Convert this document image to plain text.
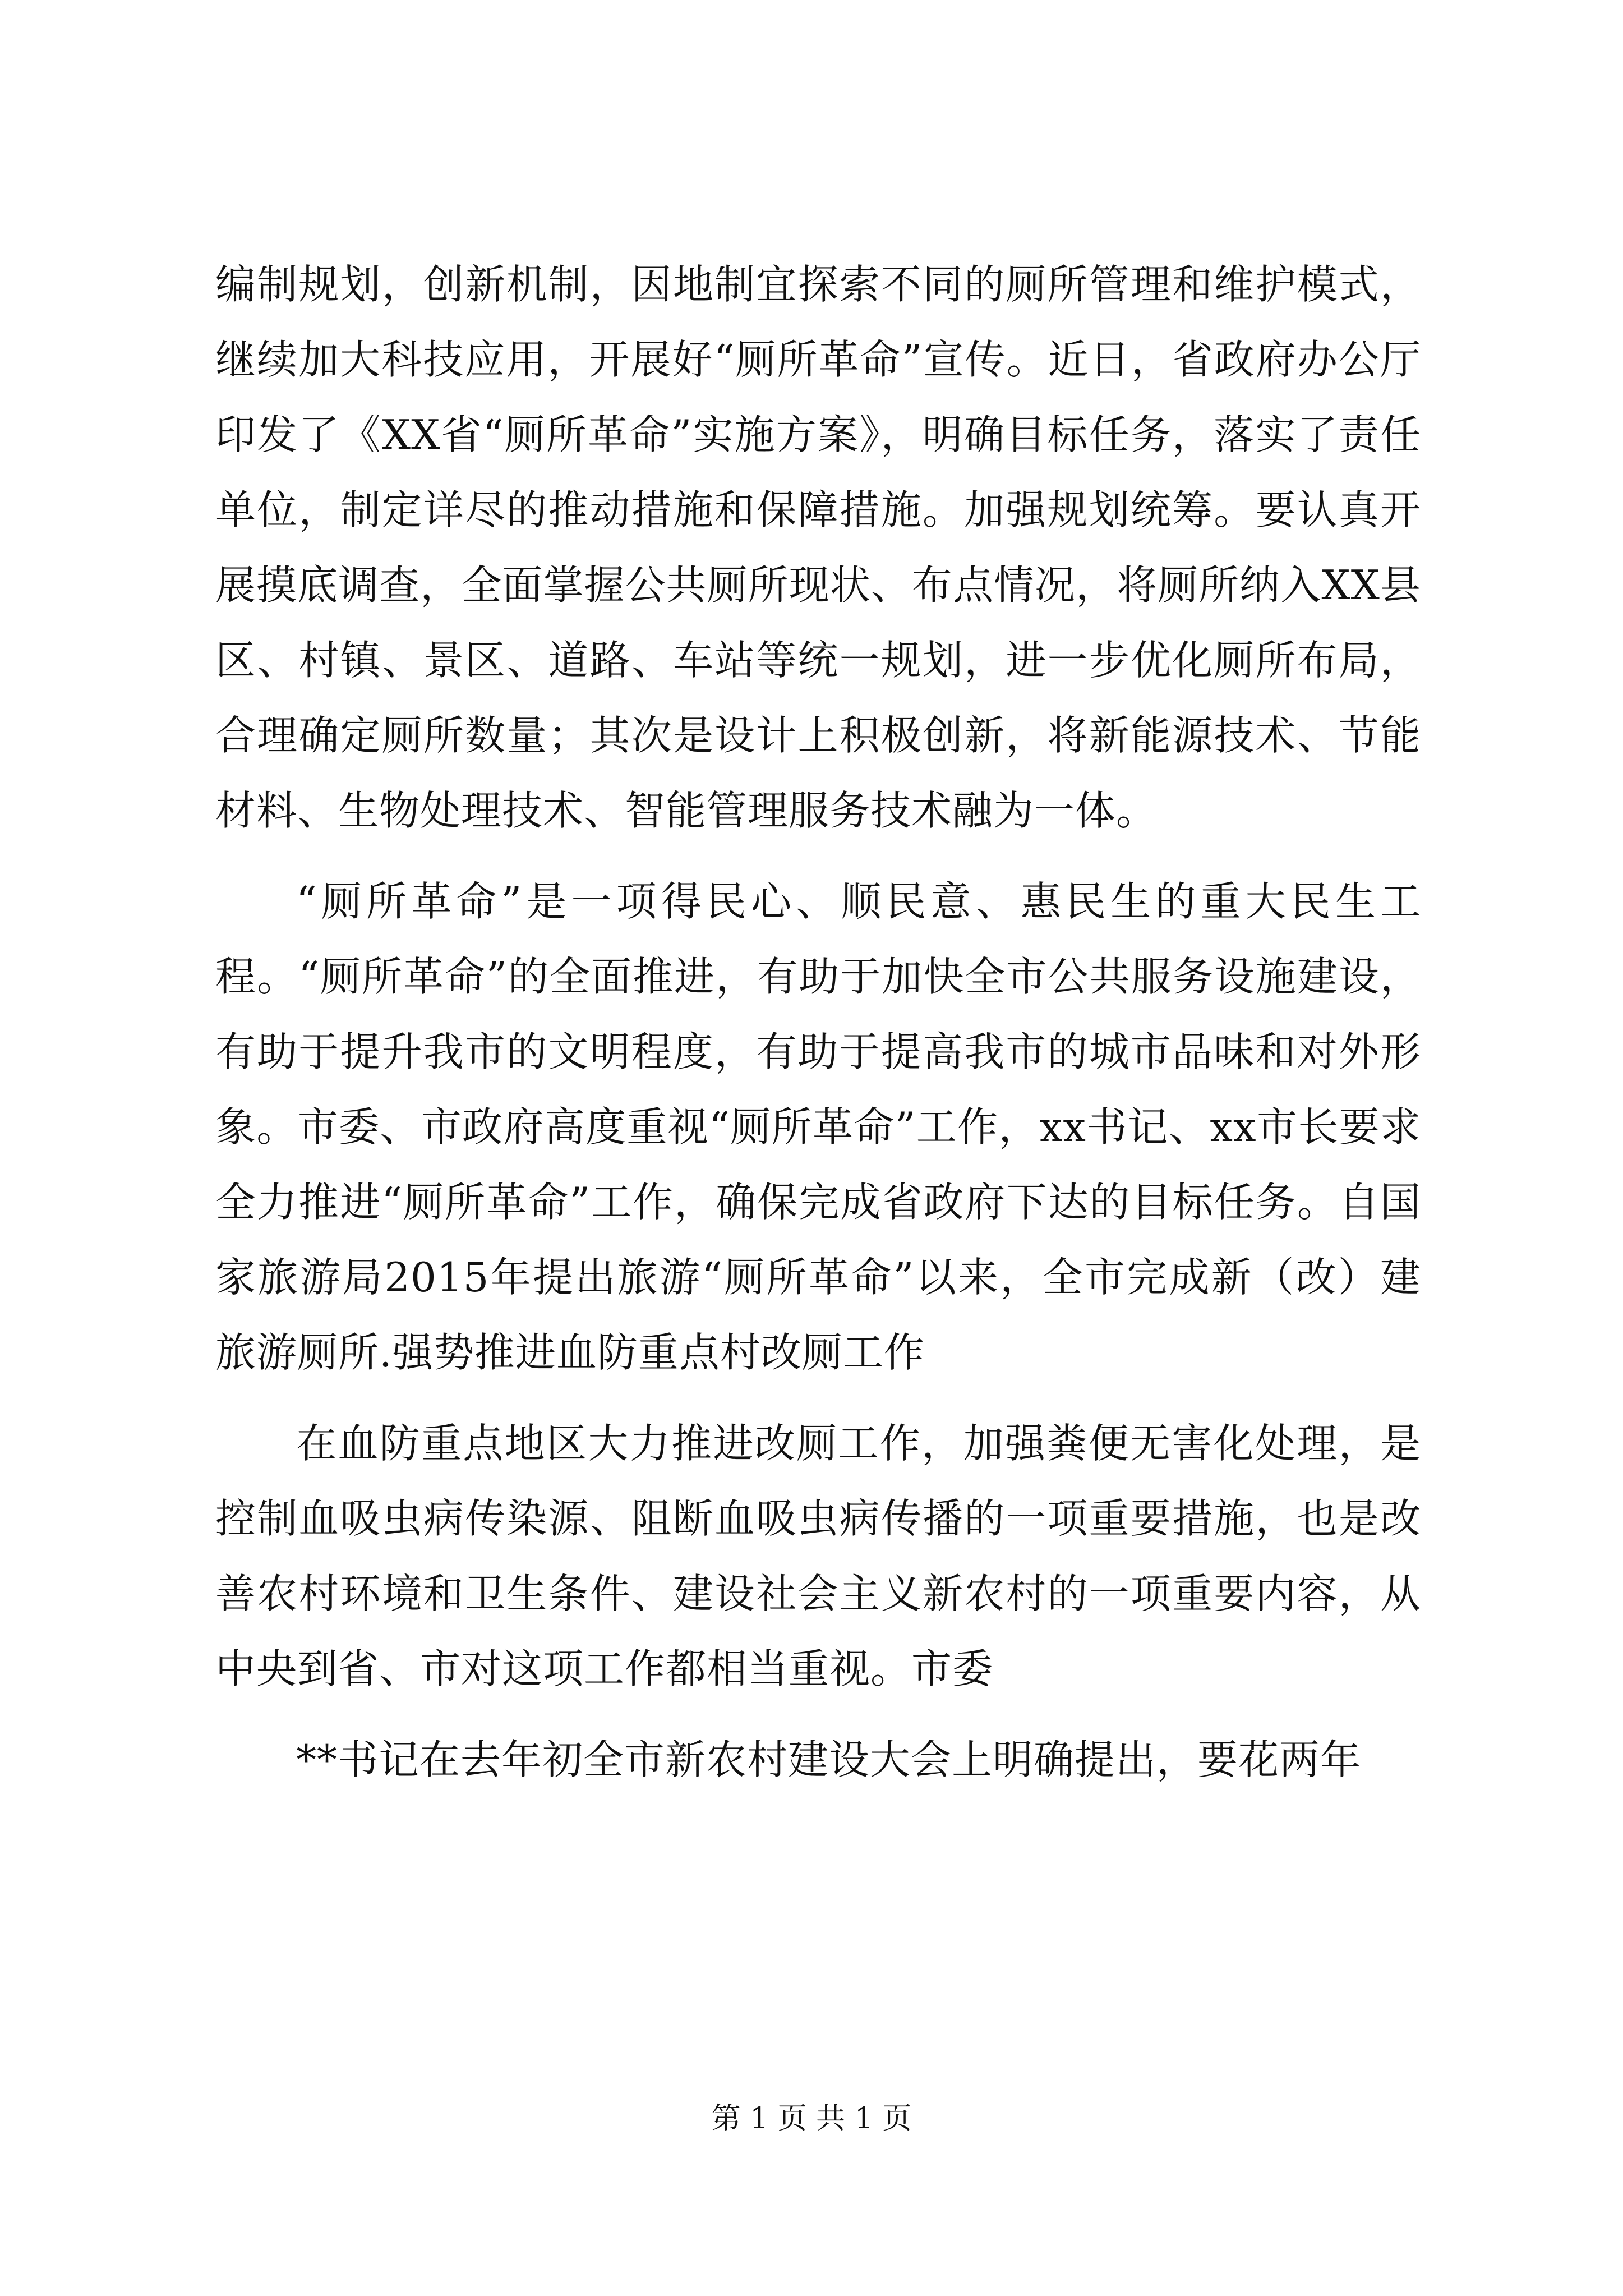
编制规划，创新机制，因地制宜探索不同的厕所管理和维护模式，继续加大科技应用，开展好“厕所革命”宣传。近日，省政府办公厅印发了《XX省“厕所革命”实施方案》，明确目标任务，落实了责任单位，制定详尽的推动措施和保障措施。加强规划统筹。要认真开展摸底调查，全面掌握公共厕所现状、布点情况，将厕所纳入XX县区、村镇、景区、道路、车站等统一规划，进一步优化厕所布局，合理确定厕所数量；其次是设计上积极创新，将新能源技术、节能材料、生物处理技术、智能管理服务技术融为一体。

“厕所革命”是一项得民心、顺民意、惠民生的重大民生工程。“厕所革命”的全面推进，有助于加快全市公共服务设施建设，有助于提升我市的文明程度，有助于提高我市的城市品味和对外形象。市委、市政府高度重视“厕所革命”工作，xx书记、xx市长要求全力推进“厕所革命”工作，确保完成省政府下达的目标任务。自国家旅游局2015年提出旅游“厕所革命”以来，全市完成新（改）建旅游厕所.强势推进血防重点村改厕工作

在血防重点地区大力推进改厕工作，加强粪便无害化处理，是控制血吸虫病传染源、阻断血吸虫病传播的一项重要措施，也是改善农村环境和卫生条件、建设社会主义新农村的一项重要内容，从中央到省、市对这项工作都相当重视。市委

**书记在去年初全市新农村建设大会上明确提出，要花两年

第 1 页 共 1 页
